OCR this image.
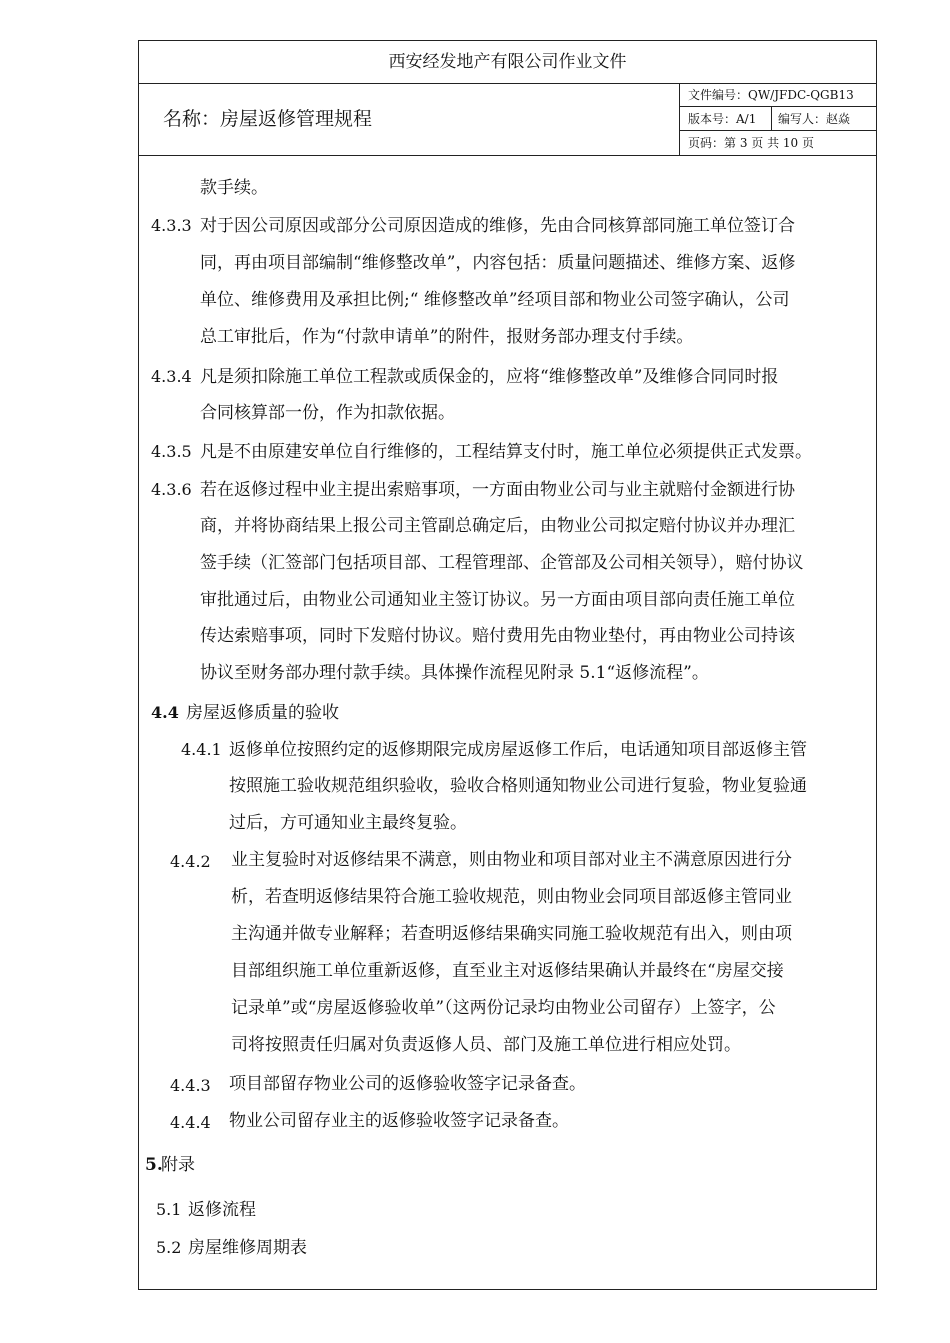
西安经发地产有限公司作业文件
名称：房屋返修管理规程
文件编号：QW/JFDC-QGB13
版本号：A/1	编写人：赵焱
页码：第 3 页 共 10 页
款手续。
4.3.3 对于因公司原因或部分公司原因造成的维修，先由合同核算部同施工单位签订合
同，再由项目部编制“维修整改单”，内容包括：质量问题描述、维修方案、返修
单位、维修费用及承担比例;“ 维修整改单”经项目部和物业公司签字确认，公司
总工审批后，作为“付款申请单”的附件，报财务部办理支付手续。
4.3.4 凡是须扣除施工单位工程款或质保金的，应将“维修整改单”及维修合同同时报
合同核算部一份，作为扣款依据。
4.3.5 凡是不由原建安单位自行维修的，工程结算支付时，施工单位必须提供正式发票。
4.3.6 若在返修过程中业主提出索赔事项，一方面由物业公司与业主就赔付金额进行协
商，并将协商结果上报公司主管副总确定后，由物业公司拟定赔付协议并办理汇
签手续（汇签部门包括项目部、工程管理部、企管部及公司相关领导），赔付协议
审批通过后，由物业公司通知业主签订协议。另一方面由项目部向责任施工单位
传达索赔事项，同时下发赔付协议。赔付费用先由物业垫付，再由物业公司持该
协议至财务部办理付款手续。具体操作流程见附录 5.1“返修流程”。
4.4 房屋返修质量的验收
4.4.1 返修单位按照约定的返修期限完成房屋返修工作后，电话通知项目部返修主管
按照施工验收规范组织验收，验收合格则通知物业公司进行复验，物业复验通
过后，方可通知业主最终复验。
4.4.2 业主复验时对返修结果不满意，则由物业和项目部对业主不满意原因进行分
析，若查明返修结果符合施工验收规范，则由物业会同项目部返修主管同业
主沟通并做专业解释；若查明返修结果确实同施工验收规范有出入，则由项
目部组织施工单位重新返修，直至业主对返修结果确认并最终在“房屋交接
记录单”或“房屋返修验收单”（这两份记录均由物业公司留存）上签字，公
司将按照责任归属对负责返修人员、部门及施工单位进行相应处罚。
4.4.3 项目部留存物业公司的返修验收签字记录备查。
4.4.4 物业公司留存业主的返修验收签字记录备查。
5.
附录
5.1 返修流程
5.2 房屋维修周期表
